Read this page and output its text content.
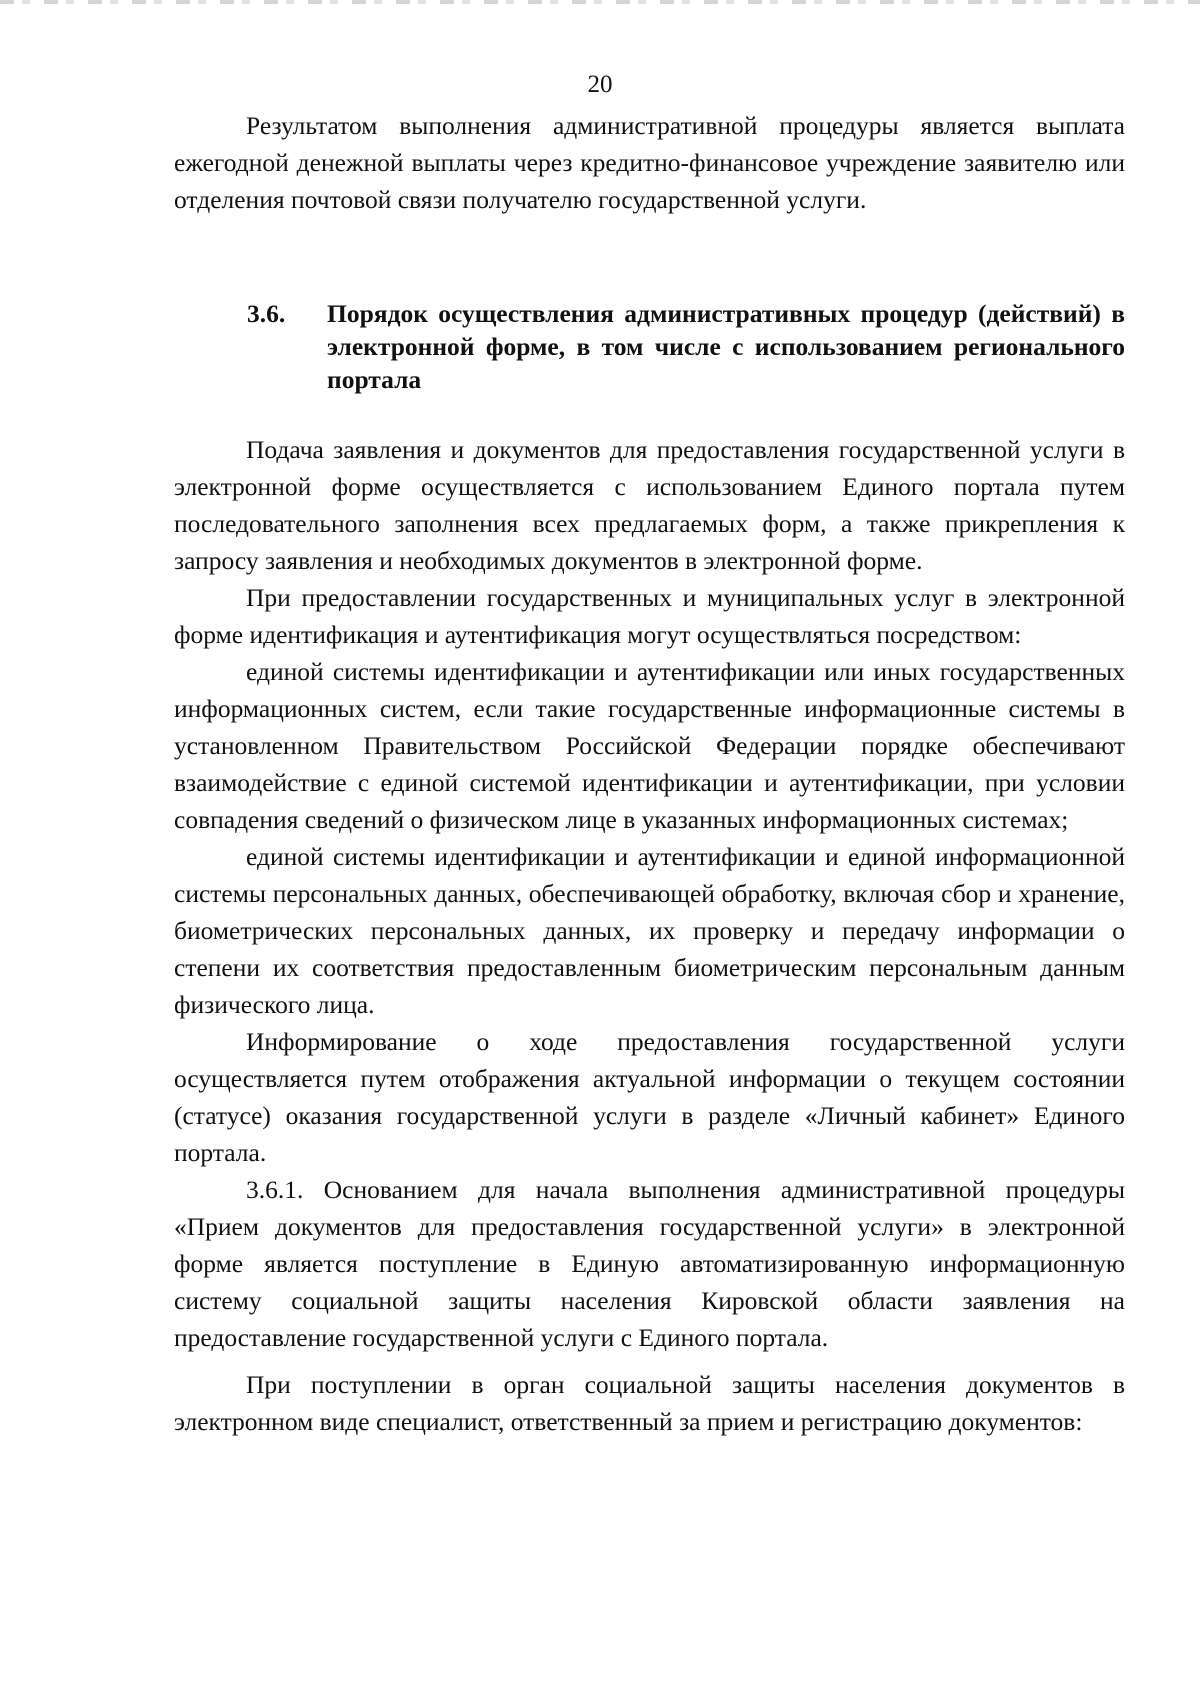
20

Результатом выполнения административной процедуры является выплата ежегодной денежной выплаты через кредитно-финансовое учреждение заявителю или отделения почтовой связи получателю государственной услуги.

3.6. Порядок осуществления административных процедур (действий) в электронной форме, в том числе с использованием регионального портала

Подача заявления и документов для предоставления государственной услуги в электронной форме осуществляется с использованием Единого портала путем последовательного заполнения всех предлагаемых форм, а также прикрепления к запросу заявления и необходимых документов в электронной форме.

При предоставлении государственных и муниципальных услуг в электронной форме идентификация и аутентификация могут осуществляться посредством:

единой системы идентификации и аутентификации или иных государственных информационных систем, если такие государственные информационные системы в установленном Правительством Российской Федерации порядке обеспечивают взаимодействие с единой системой идентификации и аутентификации, при условии совпадения сведений о физическом лице в указанных информационных системах;

единой системы идентификации и аутентификации и единой информационной системы персональных данных, обеспечивающей обработку, включая сбор и хранение, биометрических персональных данных, их проверку и передачу информации о степени их соответствия предоставленным биометрическим персональным данным физического лица.

Информирование о ходе предоставления государственной услуги осуществляется путем отображения актуальной информации о текущем состоянии (статусе) оказания государственной услуги в разделе «Личный кабинет» Единого портала.

3.6.1. Основанием для начала выполнения административной процедуры «Прием документов для предоставления государственной услуги» в электронной форме является поступление в Единую автоматизированную информационную систему социальной защиты населения Кировской области заявления на предоставление государственной услуги с Единого портала.

При поступлении в орган социальной защиты населения документов в электронном виде специалист, ответственный за прием и регистрацию документов:
